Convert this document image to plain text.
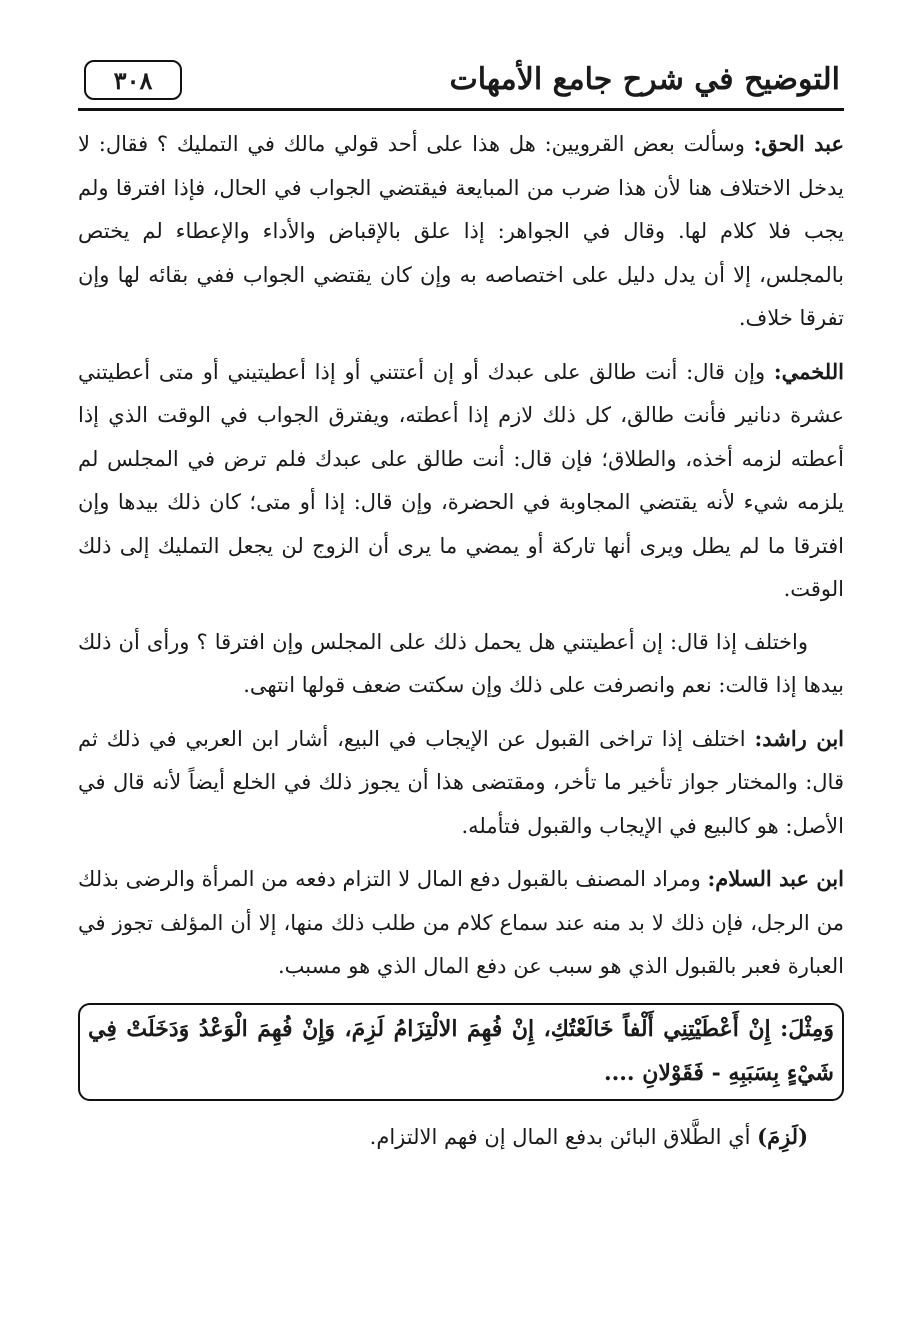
٣٠٨	التوضيح في شرح جامع الأمهات

عبد الحق: وسألت بعض القرويين: هل هذا على أحد قولي مالك في التمليك ؟ فقال: لا يدخل الاختلاف هنا لأن هذا ضرب من المبايعة فيقتضي الجواب في الحال، فإذا افترقا ولم يجب فلا كلام لها. وقال في الجواهر: إذا علق بالإقباض والأداء والإعطاء لم يختص بالمجلس، إلا أن يدل دليل على اختصاصه به وإن كان يقتضي الجواب ففي بقائه لها وإن تفرقا خلاف.

اللخمي: وإن قال: أنت طالق على عبدك أو إن أعتتني أو إذا أعطيتيني أو متى أعطيتني عشرة دنانير فأنت طالق، كل ذلك لازم إذا أعطته، ويفترق الجواب في الوقت الذي إذا أعطته لزمه أخذه، والطلاق؛ فإن قال: أنت طالق على عبدك فلم ترض في المجلس لم يلزمه شيء لأنه يقتضي المجاوبة في الحضرة، وإن قال: إذا أو متى؛ كان ذلك بيدها وإن افترقا ما لم يطل ويرى أنها تاركة أو يمضي ما يرى أن الزوج لن يجعل التمليك إلى ذلك الوقت.

واختلف إذا قال: إن أعطيتني هل يحمل ذلك على المجلس وإن افترقا ؟ ورأى أن ذلك بيدها إذا قالت: نعم وانصرفت على ذلك وإن سكتت ضعف قولها انتهى.

ابن راشد: اختلف إذا تراخى القبول عن الإيجاب في البيع، أشار ابن العربي في ذلك ثم قال: والمختار جواز تأخير ما تأخر، ومقتضى هذا أن يجوز ذلك في الخلع أيضاً لأنه قال في الأصل: هو كالبيع في الإيجاب والقبول فتأمله.

ابن عبد السلام: ومراد المصنف بالقبول دفع المال لا التزام دفعه من المرأة والرضى بذلك من الرجل، فإن ذلك لا بد منه عند سماع كلام من طلب ذلك منها، إلا أن المؤلف تجوز في العبارة فعبر بالقبول الذي هو سبب عن دفع المال الذي هو مسبب.

وَمِثْلَ: إِنْ أَعْطَيْتِنِي أَلْفاً خَالَعْتُكِ، إِنْ فُهِمَ الالْتِزَامُ لَزِمَ، وَإِنْ فُهِمَ الْوَعْدُ وَدَخَلَتْ فِي شَيْءٍ بِسَبَبِهِ - فَقَوْلانِ ....
(لَزِمَ) أي الطَّلاق البائن بدفع المال إن فهم الالتزام.
